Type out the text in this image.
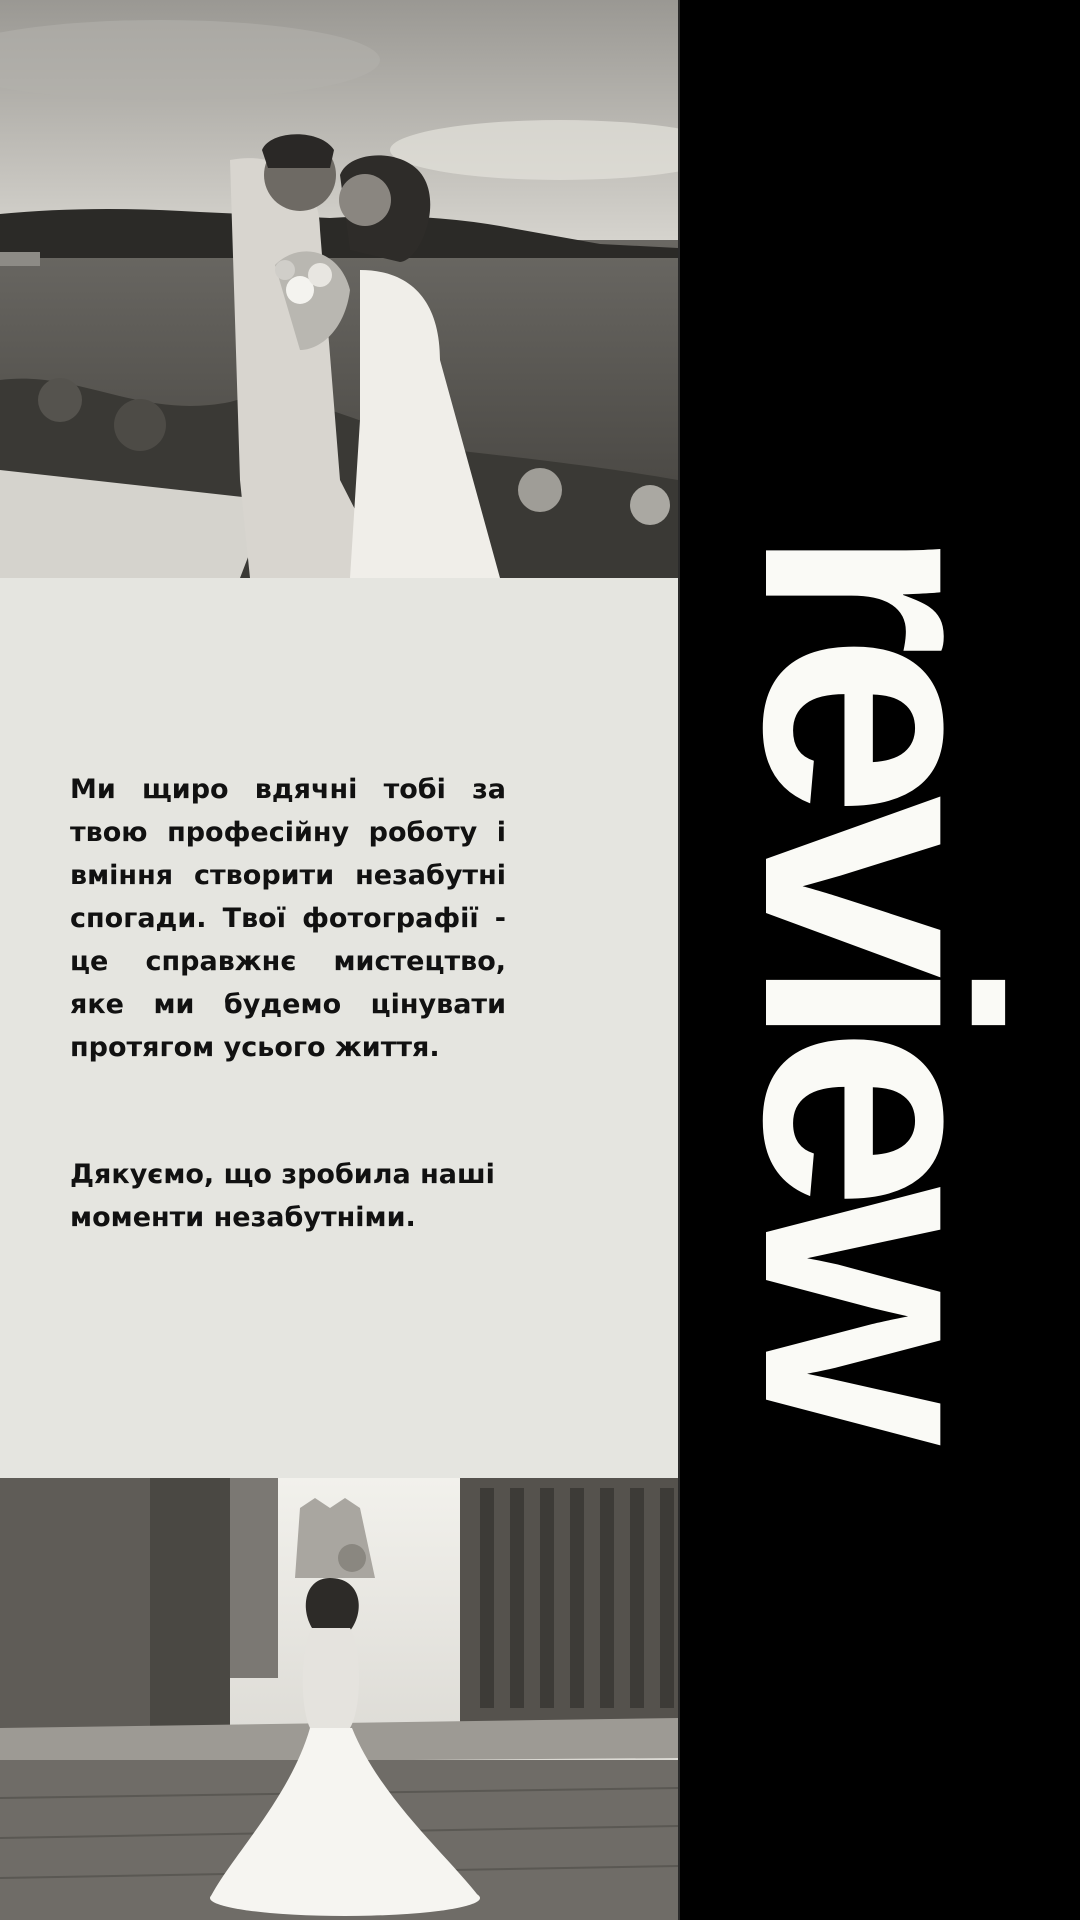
Ми щиро вдячні тобі за твою професійну роботу і вміння створити незабутні спогади. Твої фотографії - це справжнє мистецтво, яке ми будемо цінувати протягом усього життя.

Дякуємо, що зробила наші моменти незабутніми. review
